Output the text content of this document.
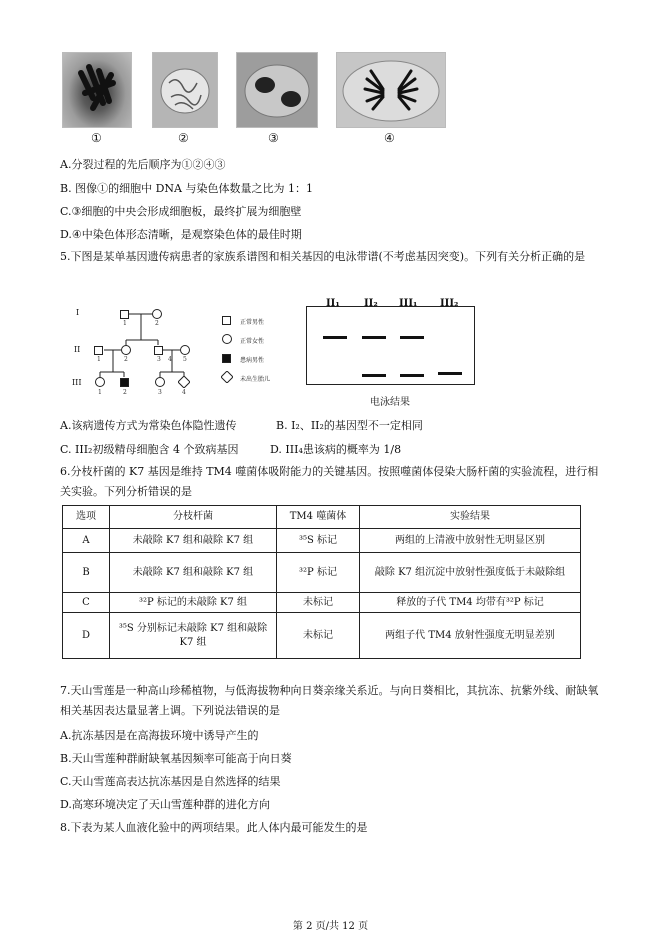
①	②	③	④
A.分裂过程的先后顺序为①②④③
B. 图像①的细胞中 DNA 与染色体数量之比为 1：1
C.③细胞的中央会形成细胞板，最终扩展为细胞壁
D.④中染色体形态清晰，是观察染色体的最佳时期
5.下图是某单基因遗传病患者的家族系谱图和相关基因的电泳带谱(不考虑基因突变)。下列有关分析正确的是
I
II
III
1	2
1	2	3 4 5
1	2	3	4
正常男性
正常女性
患病男性
未出生胎儿
II₁ II₂ III₁ III₂
电泳结果
A.该病遗传方式为常染色体隐性遗传	B. I₂、II₂的基因型不一定相同
C. III₂初级精母细胞含 4 个致病基因	D. III₄患该病的概率为 1/8
6.分枝杆菌的 K7 基因是维持 TM4 噬菌体吸附能力的关键基因。按照噬菌体侵染大肠杆菌的实验流程，进行相关实验。下列分析错误的是
选项	分枝杆菌	TM4 噬菌体	实验结果
A	未敲除 K7 组和敲除 K7 组	³⁵S 标记	两组的上清液中放射性无明显区别
B	未敲除 K7 组和敲除 K7 组	³²P 标记	敲除 K7 组沉淀中放射性强度低于未敲除组
C	³²P 标记的未敲除 K7 组	未标记	释放的子代 TM4 均带有³²P 标记
D	³⁵S 分别标记未敲除 K7 组和敲除 K7 组	未标记	两组子代 TM4 放射性强度无明显差别
7.天山雪莲是一种高山珍稀植物，与低海拔物种向日葵亲缘关系近。与向日葵相比，其抗冻、抗紫外线、耐缺氧相关基因表达量显著上调。下列说法错误的是
A.抗冻基因是在高海拔环境中诱导产生的
B.天山雪莲种群耐缺氧基因频率可能高于向日葵
C.天山雪莲高表达抗冻基因是自然选择的结果
D.高寒环境决定了天山雪莲种群的进化方向
8.下表为某人血液化验中的两项结果。此人体内最可能发生的是
第 2 页/共 12 页
